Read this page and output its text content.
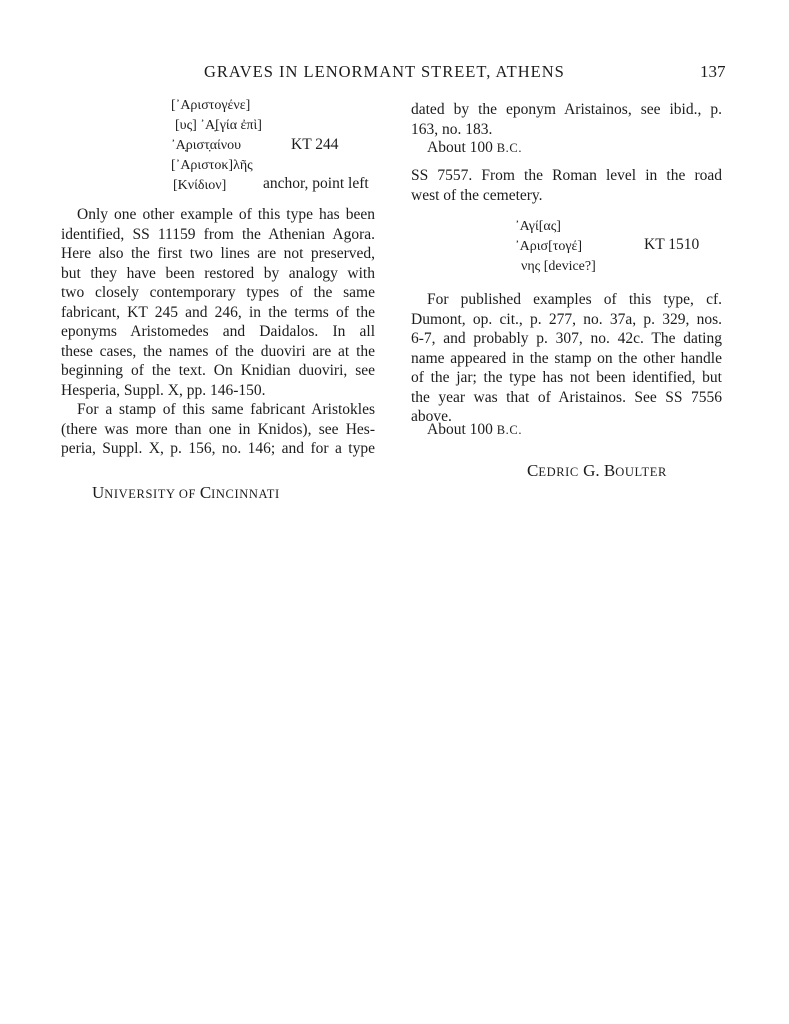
GRAVES IN LENORMANT STREET, ATHENS	137
[᾿Αριστογένε]
[υς] ᾿Α̣[γία ἐπὶ]
᾿Α̣ριστ̣αίνου
[᾿Αριστοκ]λῆς
[Κνίδιον]
KT 244
anchor, point left
Only one other example of this type has been
identified, SS 11159 from the Athenian Agora.
Here also the first two lines are not preserved,
but they have been restored by analogy with
two closely contemporary types of the same
fabricant, KT 245 and 246, in the terms of the
eponyms Aristomedes and Daidalos. In all
these cases, the names of the duoviri are at the
beginning of the text. On Knidian duoviri, see
Hesperia, Suppl. X, pp. 146-150.
For a stamp of this same fabricant Aristokles
(there was more than one in Knidos), see Hes-
peria, Suppl. X, p. 156, no. 146; and for a type
UNIVERSITY OF CINCINNATI
dated by the eponym Aristainos, see ibid., p.
163, no. 183.
About 100 B.C.
SS 7557. From the Roman level in the road
west of the cemetery.
᾿Αγί[ας]
᾿Αρισ[τογέ]
νης [device?]
KT 1510
For published examples of this type, cf.
Dumont, op. cit., p. 277, no. 37a, p. 329, nos.
6-7, and probably p. 307, no. 42c. The dating
name appeared in the stamp on the other handle
of the jar; the type has not been identified, but
the year was that of Aristainos. See SS 7556
above.
About 100 B.C.
CEDRIC G. BOULTER
